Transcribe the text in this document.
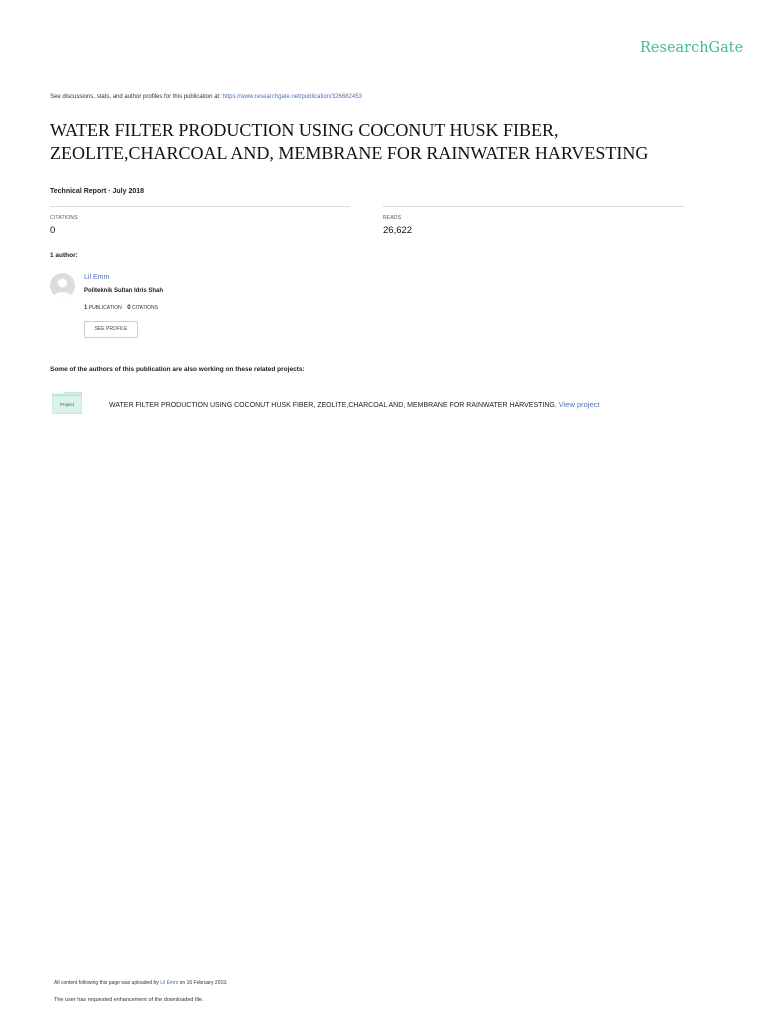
ResearchGate
See discussions, stats, and author profiles for this publication at: https://www.researchgate.net/publication/326682453
WATER FILTER PRODUCTION USING COCONUT HUSK FIBER,
ZEOLITE,CHARCOAL AND, MEMBRANE FOR RAINWATER HARVESTING
Technical Report · July 2018
CITATIONS
0
READS
26,622
1 author:
Lil Emm
Politeknik Sultan Idris Shah
1 PUBLICATION 0 CITATIONS
SEE PROFILE
Some of the authors of this publication are also working on these related projects:
Project	WATER FILTER PRODUCTION USING COCONUT HUSK FIBER, ZEOLITE,CHARCOAL AND, MEMBRANE FOR RAINWATER HARVESTING. View project
All content following this page was uploaded by Lil Emm on 16 February 2019.
The user has requested enhancement of the downloaded file.
